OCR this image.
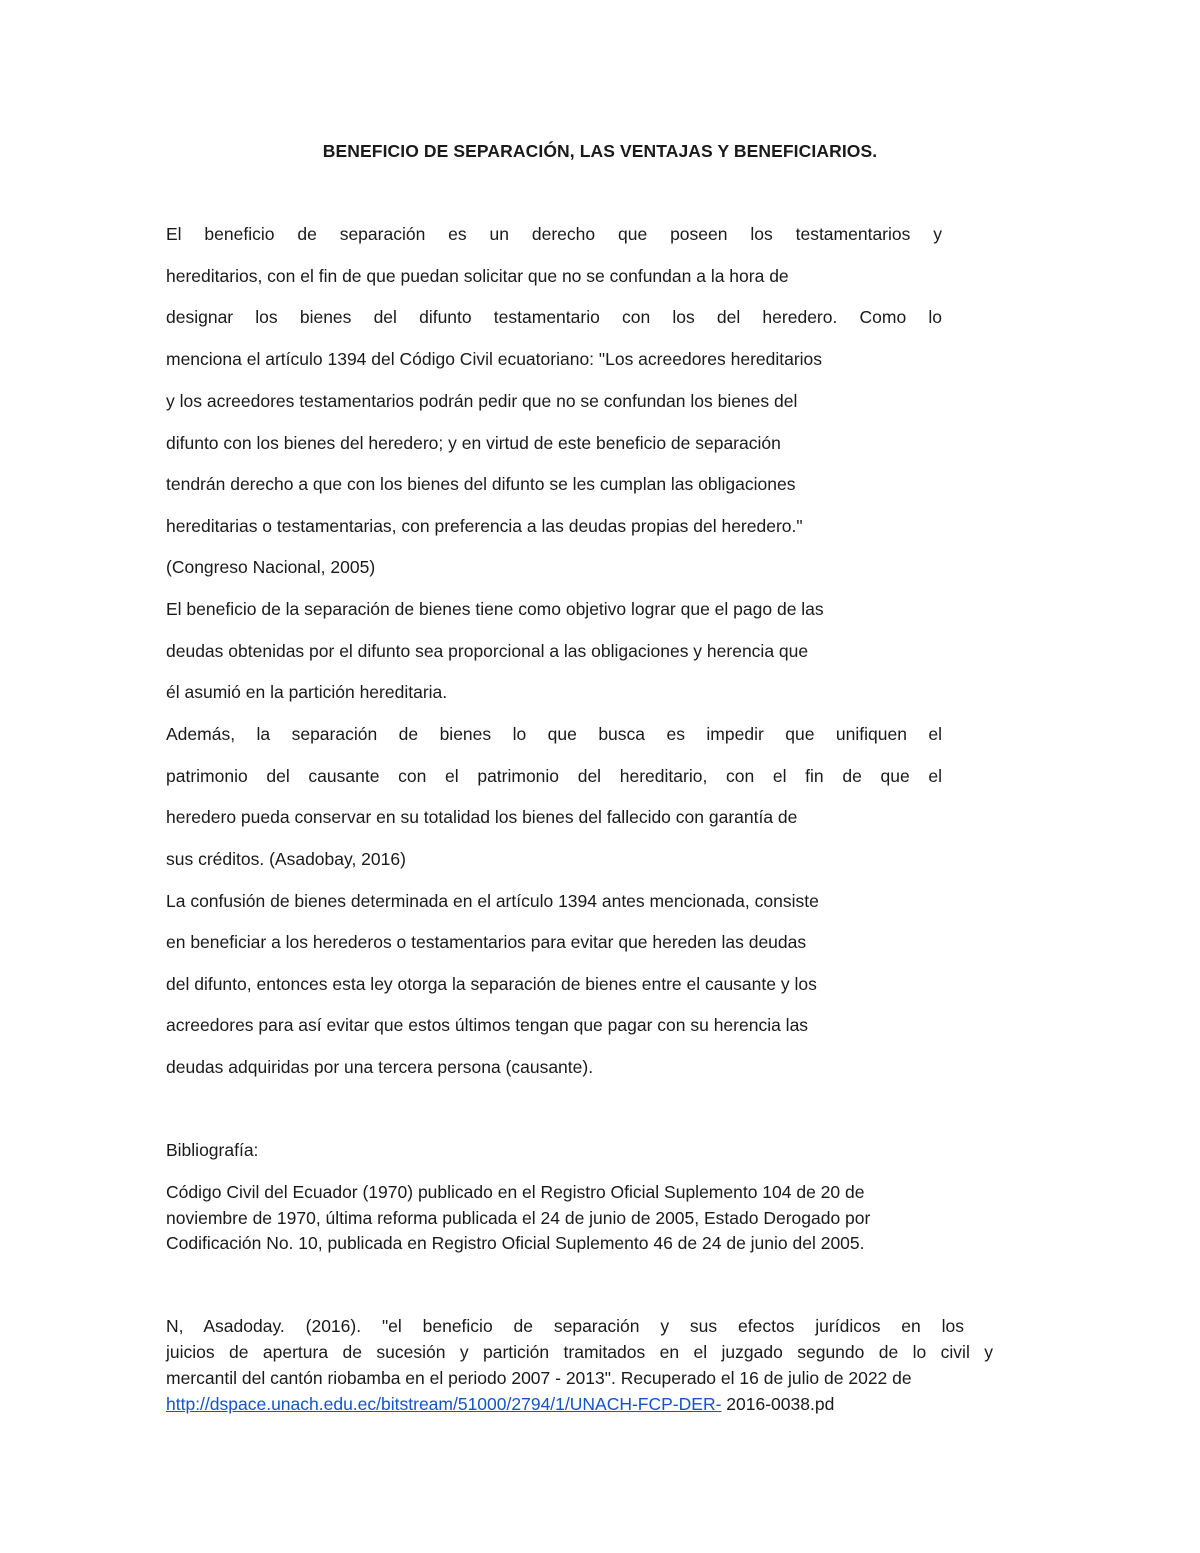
BENEFICIO DE SEPARACIÓN, LAS VENTAJAS Y BENEFICIARIOS.

El beneficio de separación es un derecho que poseen los testamentarios y

hereditarios, con el fin de que puedan solicitar que no se confundan a la hora de

designar los bienes del difunto testamentario con los del heredero. Como lo

menciona el artículo 1394 del Código Civil ecuatoriano: "Los acreedores hereditarios

y los acreedores testamentarios podrán pedir que no se confundan los bienes del

difunto con los bienes del heredero; y en virtud de este beneficio de separación

tendrán derecho a que con los bienes del difunto se les cumplan las obligaciones

hereditarias o testamentarias, con preferencia a las deudas propias del heredero."

(Congreso Nacional, 2005)

El beneficio de la separación de bienes tiene como objetivo lograr que el pago de las

deudas obtenidas por el difunto sea proporcional a las obligaciones y herencia que

él asumió en la partición hereditaria.

Además, la separación de bienes lo que busca es impedir que unifiquen el

patrimonio del causante con el patrimonio del hereditario, con el fin de que el

heredero pueda conservar en su totalidad los bienes del fallecido con garantía de

sus créditos. (Asadobay, 2016)

La confusión de bienes determinada en el artículo 1394 antes mencionada, consiste

en beneficiar a los herederos o testamentarios para evitar que hereden las deudas

del difunto, entonces esta ley otorga la separación de bienes entre el causante y los

acreedores para así evitar que estos últimos tengan que pagar con su herencia las

deudas adquiridas por una tercera persona (causante).

Bibliografía:

Código Civil del Ecuador (1970) publicado en el Registro Oficial Suplemento 104 de 20 de

noviembre de 1970, última reforma publicada el 24 de junio de 2005, Estado Derogado por

Codificación No. 10, publicada en Registro Oficial Suplemento 46 de 24 de junio del 2005.

N, Asadoday. (2016). "el beneficio de separación y sus efectos jurídicos en los

juicios de apertura de sucesión y partición tramitados en el juzgado segundo de lo civil y

mercantil del cantón riobamba en el periodo 2007 - 2013". Recuperado el 16 de julio de 2022 de

http://dspace.unach.edu.ec/bitstream/51000/2794/1/UNACH-FCP-DER- 2016-0038.pd
